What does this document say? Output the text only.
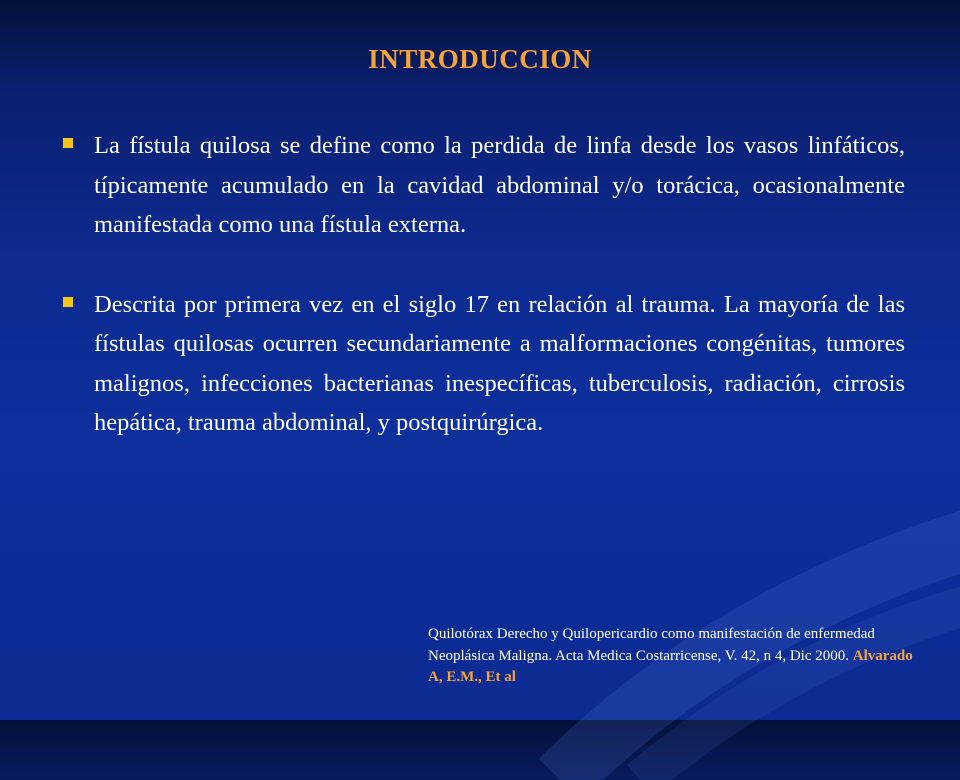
INTRODUCCION
La fístula quilosa se define como la perdida de linfa desde los vasos linfáticos, típicamente acumulado en la cavidad abdominal y/o torácica, ocasionalmente manifestada como una fístula externa.
Descrita por primera vez en el siglo 17 en relación al trauma. La mayoría de las fístulas quilosas ocurren secundariamente a malformaciones congénitas, tumores malignos, infecciones bacterianas inespecíficas, tuberculosis, radiación, cirrosis hepática, trauma abdominal, y postquirúrgica.
Quilotórax Derecho y Quilopericardio como manifestación de enfermedad Neoplásica Maligna. Acta Medica Costarricense, V. 42, n 4, Dic 2000. Alvarado A, E.M., Et al
